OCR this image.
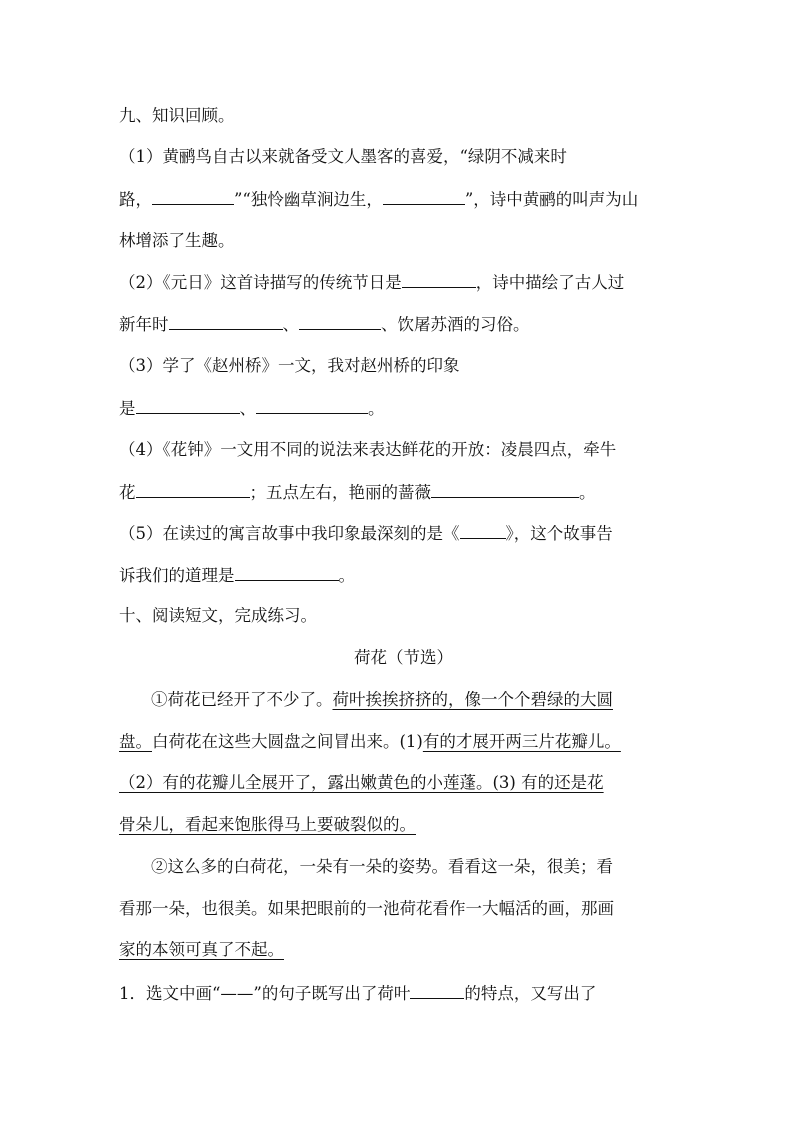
九、知识回顾。
（1）黄鹂鸟自古以来就备受文人墨客的喜爱，“绿阴不减来时
路，	”“独怜幽草涧边生，	”，诗中黄鹂的叫声为山
林增添了生趣。
（2）《元日》这首诗描写的传统节日是	，诗中描绘了古人过
新年时	、	、饮屠苏酒的习俗。
（3）学了《赵州桥》一文，我对赵州桥的印象
是	、	。
（4）《花钟》一文用不同的说法来表达鲜花的开放：凌晨四点，牵牛
花	；五点左右，艳丽的蔷薇	。
（5）在读过的寓言故事中我印象最深刻的是《	》，这个故事告
诉我们的道理是	。
十、阅读短文，完成练习。
荷花（节选）
①荷花已经开了不少了。荷叶挨挨挤挤的，像一个个碧绿的大圆
盘。白荷花在这些大圆盘之间冒出来。(1)有的才展开两三片花瓣儿。
（2）有的花瓣儿全展开了，露出嫩黄色的小莲蓬。(3) 有的还是花
骨朵儿，看起来饱胀得马上要破裂似的。
②这么多的白荷花，一朵有一朵的姿势。看看这一朵，很美；看
看那一朵，也很美。如果把眼前的一池荷花看作一大幅活的画，那画
家的本领可真了不起。
1．选文中画“——”的句子既写出了荷叶	的特点，又写出了
